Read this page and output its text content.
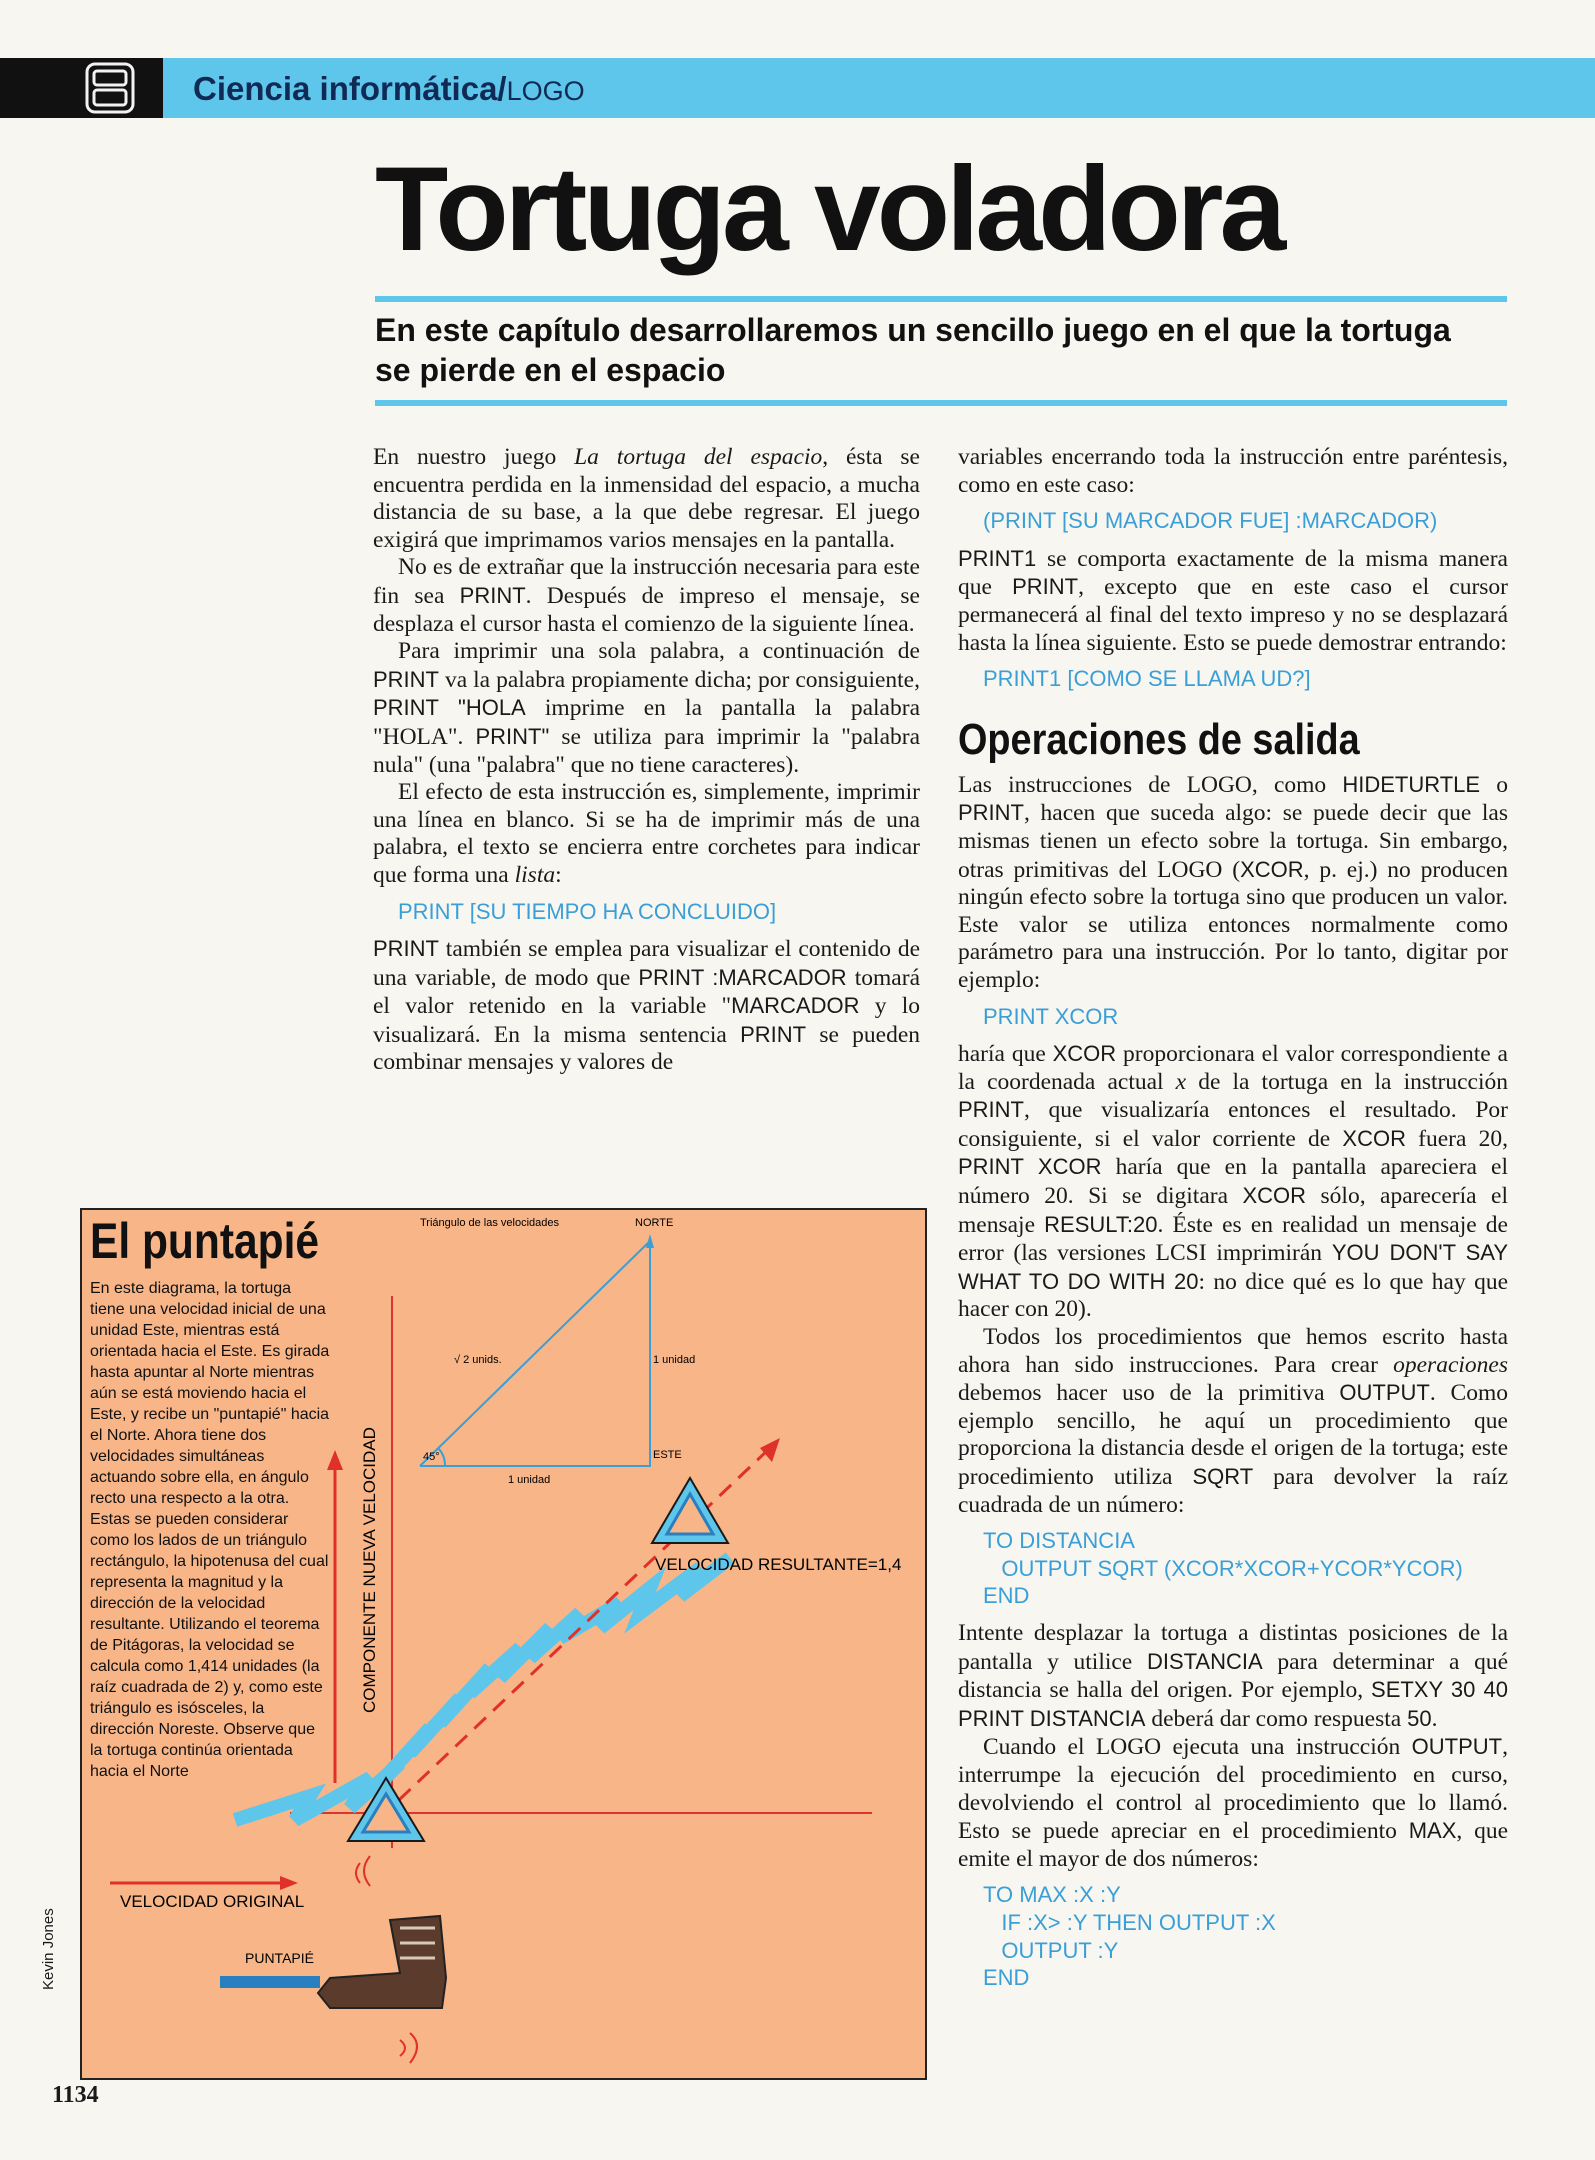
Ciencia informática/LOGO
Tortuga voladora
En este capítulo desarrollaremos un sencillo juego en el que la tortuga se pierde en el espacio

En nuestro juego La tortuga del espacio, ésta se encuentra perdida en la inmensidad del espacio, a mucha distancia de su base, a la que debe regresar. El juego exigirá que imprimamos varios mensajes en la pantalla.

No es de extrañar que la instrucción necesaria para este fin sea PRINT. Después de impreso el mensaje, se desplaza el cursor hasta el comienzo de la siguiente línea.

Para imprimir una sola palabra, a continuación de PRINT va la palabra propiamente dicha; por consiguiente, PRINT "HOLA imprime en la pantalla la palabra "HOLA". PRINT" se utiliza para imprimir la "palabra nula" (una "palabra" que no tiene caracteres).

El efecto de esta instrucción es, simplemente, imprimir una línea en blanco. Si se ha de imprimir más de una palabra, el texto se encierra entre corchetes para indicar que forma una lista:

PRINT [SU TIEMPO HA CONCLUIDO]

PRINT también se emplea para visualizar el contenido de una variable, de modo que PRINT :MARCADOR tomará el valor retenido en la variable "MARCADOR y lo visualizará. En la misma sentencia PRINT se pueden combinar mensajes y valores de

variables encerrando toda la instrucción entre paréntesis, como en este caso:

(PRINT [SU MARCADOR FUE] :MARCADOR)

PRINT1 se comporta exactamente de la misma manera que PRINT, excepto que en este caso el cursor permanecerá al final del texto impreso y no se desplazará hasta la línea siguiente. Esto se puede demostrar entrando:

PRINT1 [COMO SE LLAMA UD?]
Operaciones de salida

Las instrucciones de LOGO, como HIDETURTLE o PRINT, hacen que suceda algo: se puede decir que las mismas tienen un efecto sobre la tortuga. Sin embargo, otras primitivas del LOGO (XCOR, p. ej.) no producen ningún efecto sobre la tortuga sino que producen un valor. Este valor se utiliza entonces normalmente como parámetro para una instrucción. Por lo tanto, digitar por ejemplo:

PRINT XCOR

haría que XCOR proporcionara el valor correspondiente a la coordenada actual x de la tortuga en la instrucción PRINT, que visualizaría entonces el resultado. Por consiguiente, si el valor corriente de XCOR fuera 20, PRINT XCOR haría que en la pantalla apareciera el número 20. Si se digitara XCOR sólo, aparecería el mensaje RESULT:20. Éste es en realidad un mensaje de error (las versiones LCSI imprimirán YOU DON'T SAY WHAT TO DO WITH 20: no dice qué es lo que hay que hacer con 20).

Todos los procedimientos que hemos escrito hasta ahora han sido instrucciones. Para crear operaciones debemos hacer uso de la primitiva OUTPUT. Como ejemplo sencillo, he aquí un procedimiento que proporciona la distancia desde el origen de la tortuga; este procedimiento utiliza SQRT para devolver la raíz cuadrada de un número:

TO DISTANCIA
OUTPUT SQRT (XCOR*XCOR+YCOR*YCOR)
END

Intente desplazar la tortuga a distintas posiciones de la pantalla y utilice DISTANCIA para determinar a qué distancia se halla del origen. Por ejemplo, SETXY 30 40 PRINT DISTANCIA deberá dar como respuesta 50.

Cuando el LOGO ejecuta una instrucción OUTPUT, interrumpe la ejecución del procedimiento en curso, devolviendo el control al procedimiento que lo llamó. Esto se puede apreciar en el procedimiento MAX, que emite el mayor de dos números:

TO MAX :X :Y
IF :X> :Y THEN OUTPUT :X
OUTPUT :Y
END
Triángulo de las velocidades	NORTE
1 unidad
√ 2 unids.
ESTE
1 unidad
45°
COMPONENTE NUEVA VELOCIDAD	VELOCIDAD RESULTANTE=1,4
VELOCIDAD ORIGINAL
PUNTAPIÉ
El puntapié
En este diagrama, la tortuga tiene una velocidad inicial de una unidad Este, mientras está orientada hacia el Este. Es girada hasta apuntar al Norte mientras aún se está moviendo hacia el Este, y recibe un "puntapié" hacia el Norte. Ahora tiene dos velocidades simultáneas actuando sobre ella, en ángulo recto una respecto a la otra. Estas se pueden considerar como los lados de un triángulo rectángulo, la hipotenusa del cual representa la magnitud y la dirección de la velocidad resultante. Utilizando el teorema de Pitágoras, la velocidad se calcula como 1,414 unidades (la raíz cuadrada de 2) y, como este triángulo es isósceles, la dirección Noreste. Observe que la tortuga continúa orientada hacia el Norte
Kevin Jones
1134
